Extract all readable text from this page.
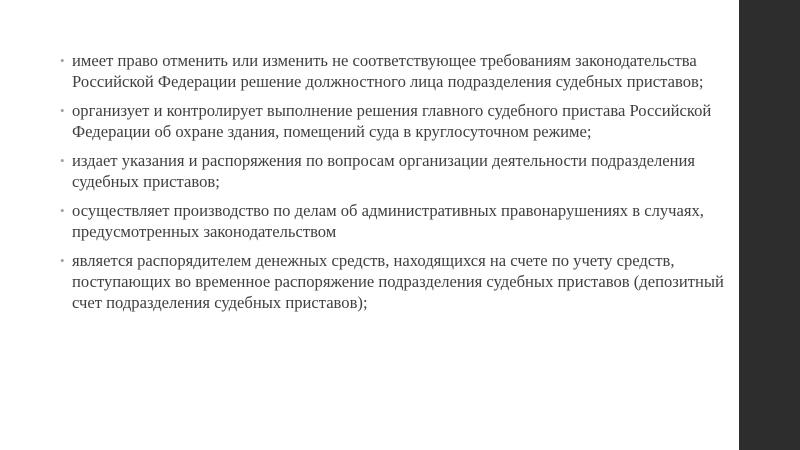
• имеет право отменить или изменить не соответствующее требованиям законодательства Российской Федерации решение должностного лица подразделения судебных приставов;
• организует и контролирует выполнение решения главного судебного пристава Российской Федерации об охране здания, помещений суда в круглосуточном режиме;
• издает указания и распоряжения по вопросам организации деятельности подразделения судебных приставов;
• осуществляет производство по делам об административных правонарушениях в случаях, предусмотренных законодательством
• является распорядителем денежных средств, находящихся на счете по учету средств, поступающих во временное распоряжение подразделения судебных приставов (депозитный счет подразделения судебных приставов);
